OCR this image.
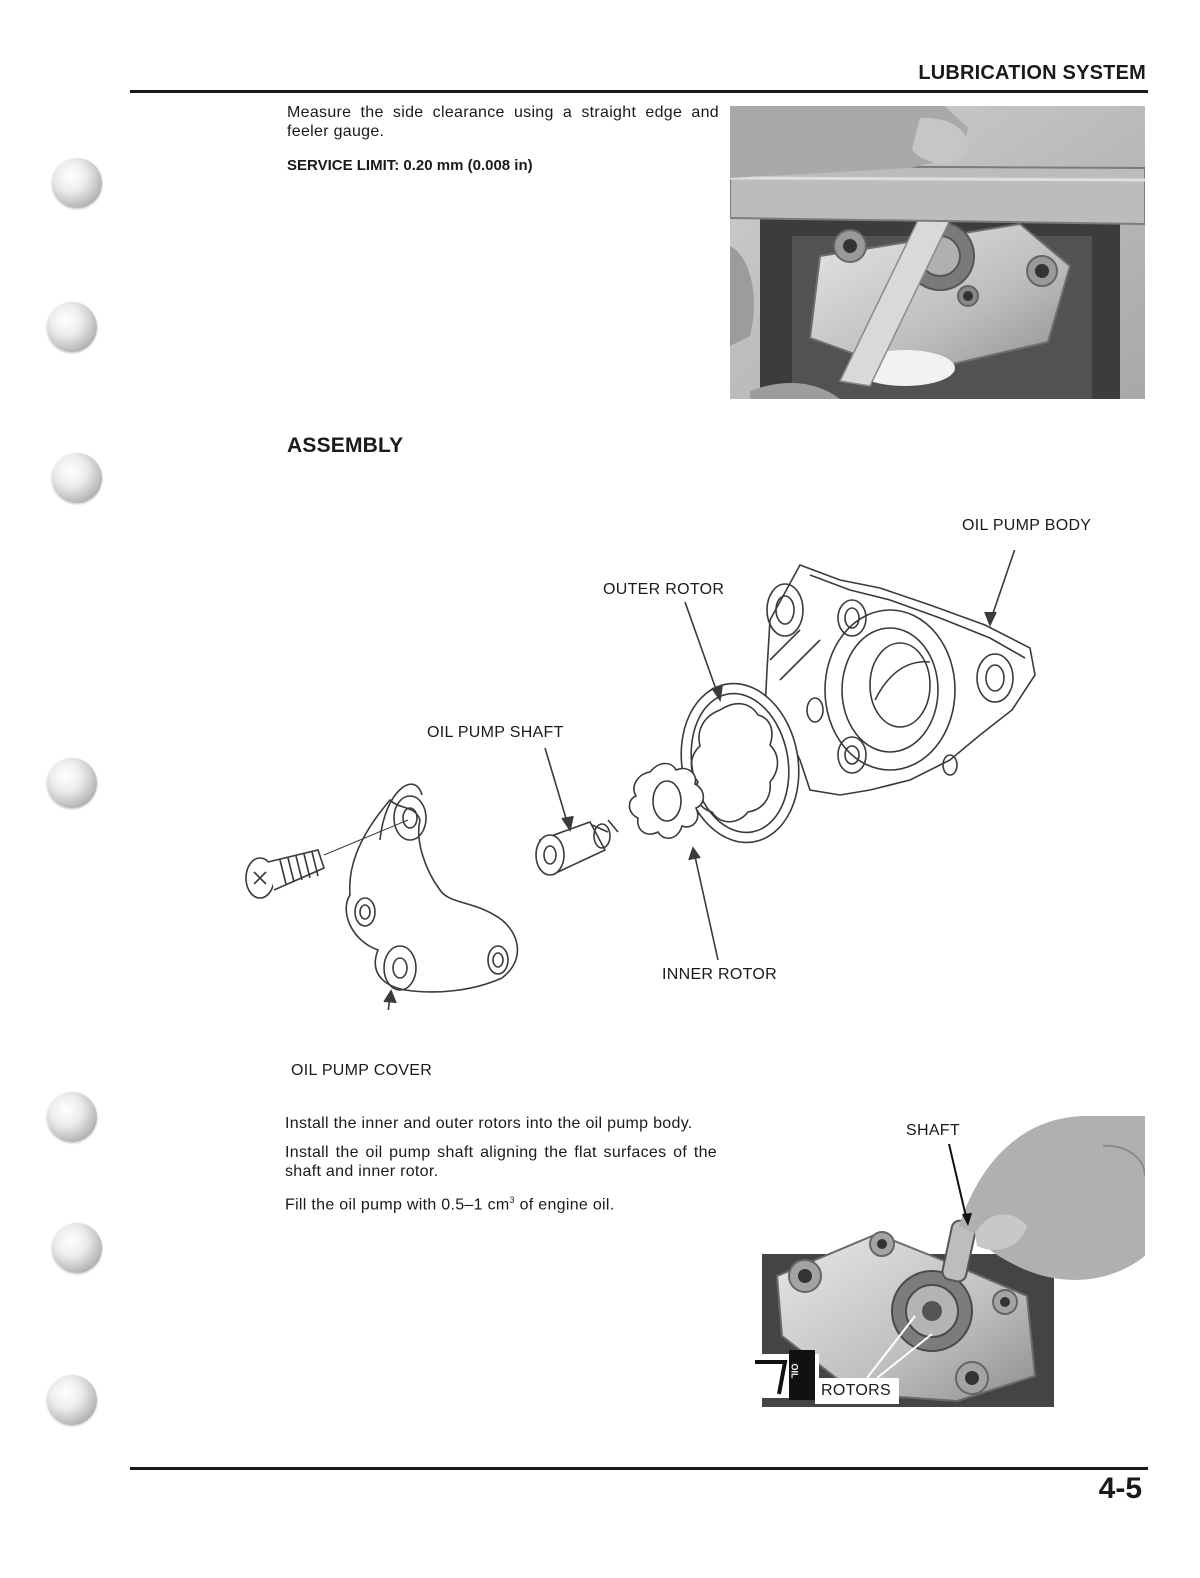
LUBRICATION SYSTEM
Measure the side clearance using a straight edge and feeler gauge.
SERVICE LIMIT: 0.20 mm (0.008 in)
ASSEMBLY
OIL PUMP BODY
OUTER ROTOR
OIL PUMP SHAFT
INNER ROTOR
OIL PUMP COVER
Install the inner and outer rotors into the oil pump body.
Install the oil pump shaft aligning the flat surfaces of the shaft and inner rotor.
Fill the oil pump with 0.5–1 $cm^3$ of engine oil.
SHAFT
OIL
ROTORS
4-5
